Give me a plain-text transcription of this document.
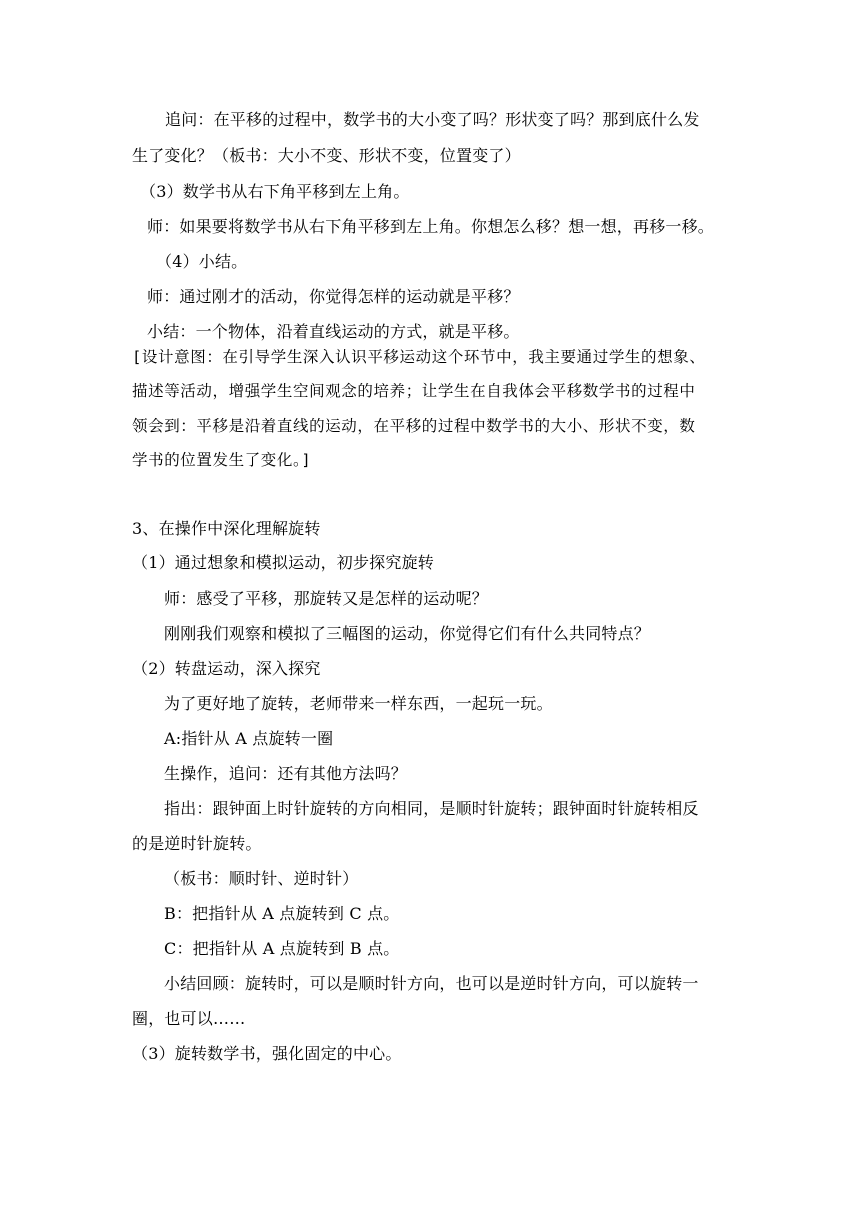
追问：在平移的过程中，数学书的大小变了吗？形状变了吗？那到底什么发
生了变化？（板书：大小不变、形状不变，位置变了）
（3）数学书从右下角平移到左上角。
师：如果要将数学书从右下角平移到左上角。你想怎么移？想一想，再移一移。
（4）小结。
师：通过刚才的活动，你觉得怎样的运动就是平移？
小结：一个物体，沿着直线运动的方式，就是平移。
[设计意图：在引导学生深入认识平移运动这个环节中，我主要通过学生的想象、
描述等活动，增强学生空间观念的培养；让学生在自我体会平移数学书的过程中
领会到：平移是沿着直线的运动，在平移的过程中数学书的大小、形状不变，数
学书的位置发生了变化。]
3、在操作中深化理解旋转
（1）通过想象和模拟运动，初步探究旋转
师：感受了平移，那旋转又是怎样的运动呢？
刚刚我们观察和模拟了三幅图的运动，你觉得它们有什么共同特点？
（2）转盘运动，深入探究
为了更好地了旋转，老师带来一样东西，一起玩一玩。
A:指针从 A 点旋转一圈
生操作，追问：还有其他方法吗？
指出：跟钟面上时针旋转的方向相同，是顺时针旋转；跟钟面时针旋转相反
的是逆时针旋转。
（板书：顺时针、逆时针）
B：把指针从 A 点旋转到 C 点。
C：把指针从 A 点旋转到 B 点。
小结回顾：旋转时，可以是顺时针方向，也可以是逆时针方向，可以旋转一
圈，也可以……
（3）旋转数学书，强化固定的中心。
